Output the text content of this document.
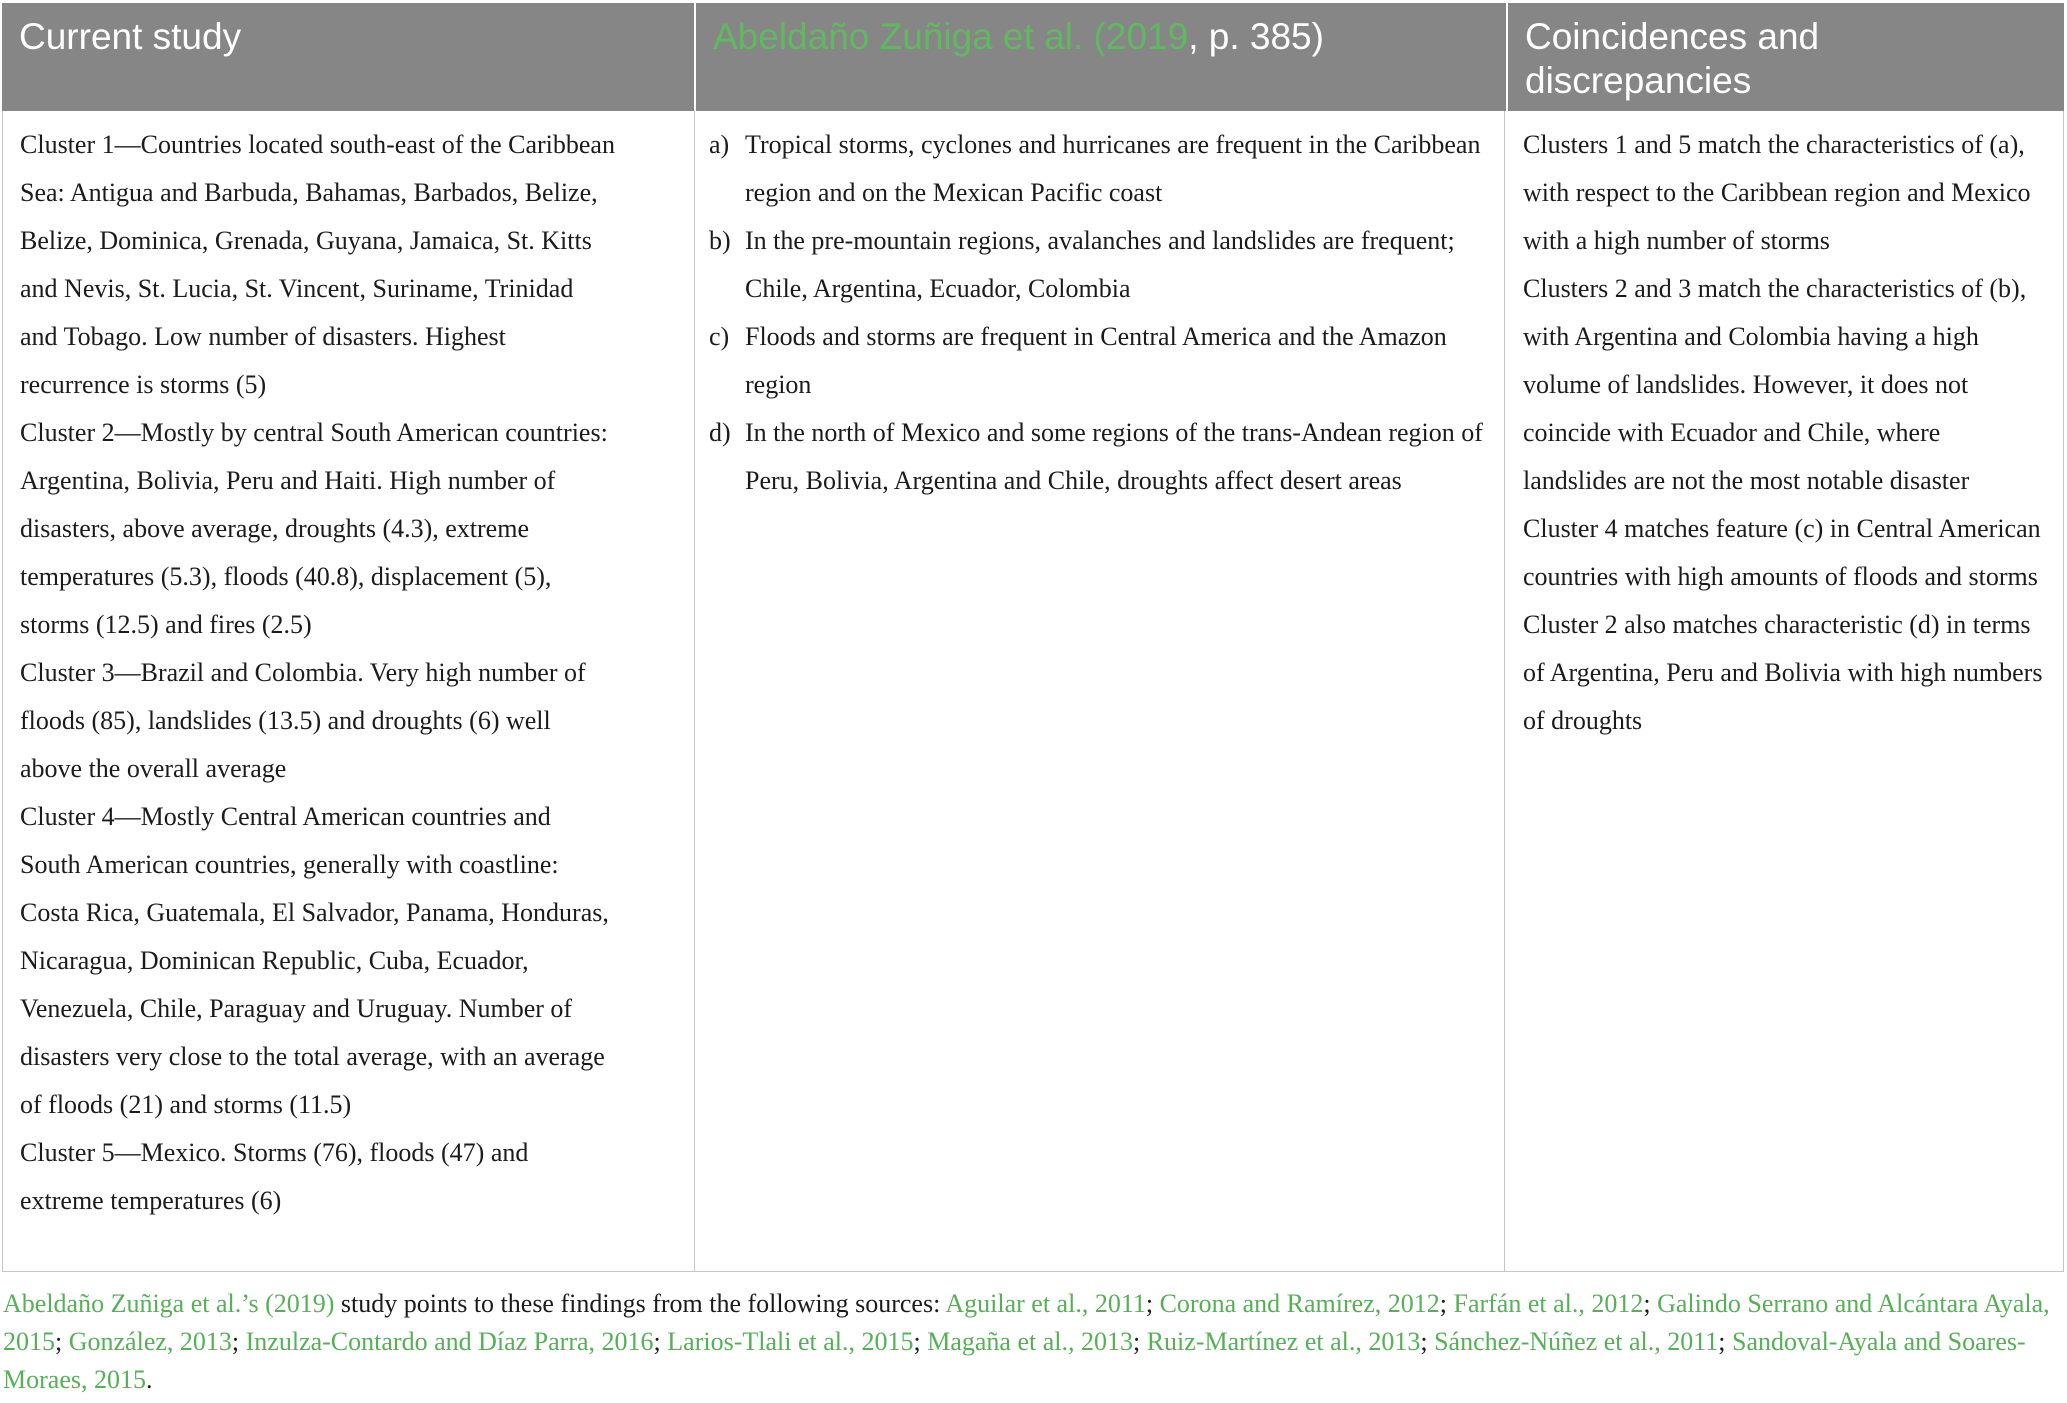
Current study	Abeldaño Zuñiga et al. (2019, p. 385)	Coincidences and discrepancies

Cluster 1—Countries located south-east of the Caribbean Sea: Antigua and Barbuda, Bahamas, Barbados, Belize, Belize, Dominica, Grenada, Guyana, Jamaica, St. Kitts and Nevis, St. Lucia, St. Vincent, Suriname, Trinidad and Tobago. Low number of disasters. Highest recurrence is storms (5)

Cluster 2—Mostly by central South American countries: Argentina, Bolivia, Peru and Haiti. High number of disasters, above average, droughts (4.3), extreme temperatures (5.3), floods (40.8), displacement (5), storms (12.5) and fires (2.5)

Cluster 3—Brazil and Colombia. Very high number of floods (85), landslides (13.5) and droughts (6) well above the overall average

Cluster 4—Mostly Central American countries and South American countries, generally with coastline: Costa Rica, Guatemala, El Salvador, Panama, Honduras, Nicaragua, Dominican Republic, Cuba, Ecuador, Venezuela, Chile, Paraguay and Uruguay. Number of disasters very close to the total average, with an average of floods (21) and storms (11.5)

Cluster 5—Mexico. Storms (76), floods (47) and extreme temperatures (6)

a) Tropical storms, cyclones and hurricanes are frequent in the Caribbean region and on the Mexican Pacific coast
b) In the pre-mountain regions, avalanches and landslides are frequent; Chile, Argentina, Ecuador, Colombia
c) Floods and storms are frequent in Central America and the Amazon region
d) In the north of Mexico and some regions of the trans-Andean region of Peru, Bolivia, Argentina and Chile, droughts affect desert areas

Clusters 1 and 5 match the characteristics of (a), with respect to the Caribbean region and Mexico with a high number of storms

Clusters 2 and 3 match the characteristics of (b), with Argentina and Colombia having a high volume of landslides. However, it does not coincide with Ecuador and Chile, where landslides are not the most notable disaster

Cluster 4 matches feature (c) in Central American countries with high amounts of floods and storms

Cluster 2 also matches characteristic (d) in terms of Argentina, Peru and Bolivia with high numbers of droughts

Abeldaño Zuñiga et al.’s (2019) study points to these findings from the following sources: Aguilar et al., 2011; Corona and Ramírez, 2012; Farfán et al., 2012; Galindo Serrano and Alcántara Ayala, 2015; González, 2013; Inzulza-Contardo and Díaz Parra, 2016; Larios-Tlali et al., 2015; Magaña et al., 2013; Ruiz-Martínez et al., 2013; Sánchez-Núñez et al., 2011; Sandoval-Ayala and Soares-Moraes, 2015.
